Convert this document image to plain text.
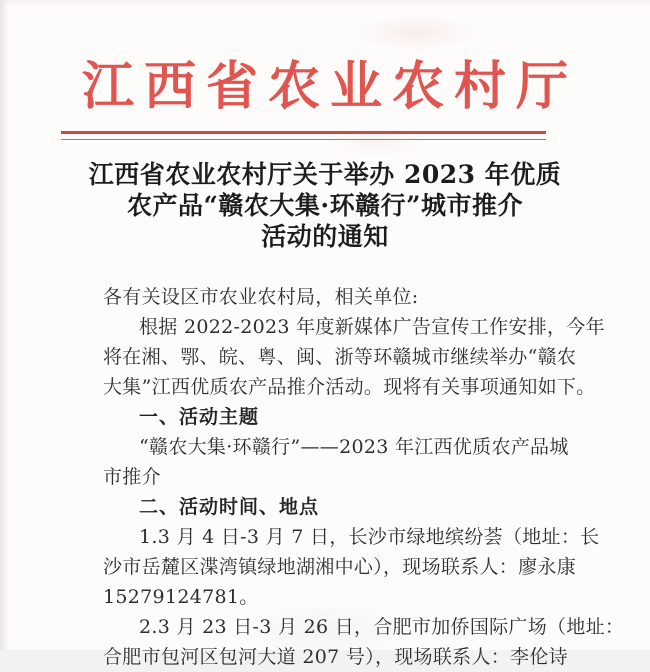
江西省农业农村厅
江西省农业农村厅关于举办 2023 年优质
农产品“赣农大集·环赣行”城市推介
活动的通知
各有关设区市农业农村局，相关单位:
根据 2022-2023 年度新媒体广告宣传工作安排，今年
将在湘、鄂、皖、粤、闽、浙等环赣城市继续举办“赣农
大集”江西优质农产品推介活动。现将有关事项通知如下。
一、活动主题
“赣农大集·环赣行”——2023 年江西优质农产品城
市推介
二、活动时间、地点
1.3 月 4 日-3 月 7 日，长沙市绿地缤纷荟（地址：长
沙市岳麓区渫湾镇绿地湖湘中心），现场联系人：廖永康
15279124781。
2.3 月 23 日-3 月 26 日，合肥市加侨国际广场（地址：
合肥市包河区包河大道 207 号），现场联系人：李伦诗
